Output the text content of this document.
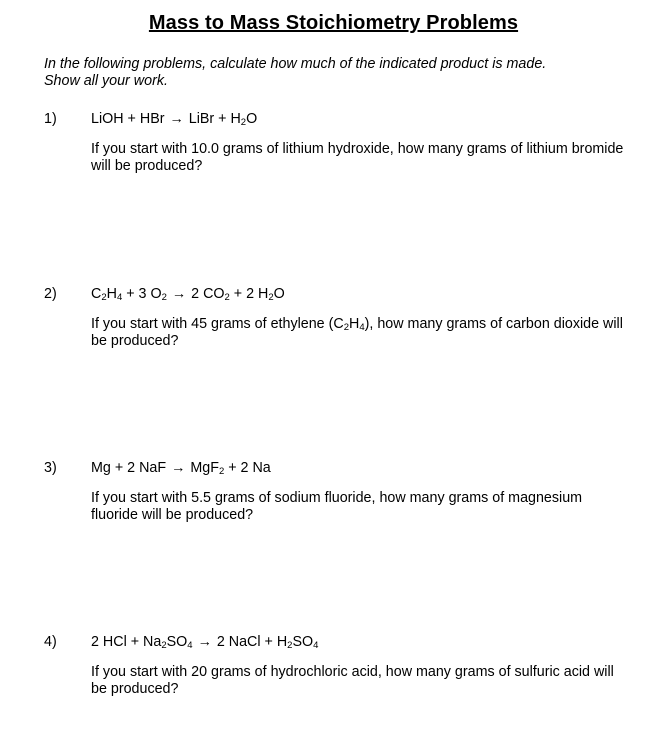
Mass to Mass Stoichiometry Problems
In the following problems, calculate how much of the indicated product is made.
Show all your work.
1) LiOH + HBr → LiBr + $H_2O$
If you start with 10.0 grams of lithium hydroxide, how many grams of lithium bromide will be produced?
2) $C_2H_4 + 3$ $O_2 \to 2$ $CO_2 + 2$ $H_2O$
If you start with 45 grams of ethylene $(C_2H_4)$, how many grams of carbon dioxide will be produced?
3) Mg + 2 NaF → MgF$_2$ + 2 Na
If you start with 5.5 grams of sodium fluoride, how many grams of magnesium fluoride will be produced?
4) 2 HCl + $Na_2SO_4 \to 2$ NaCl + $H_2SO_4$
If you start with 20 grams of hydrochloric acid, how many grams of sulfuric acid will be produced?
